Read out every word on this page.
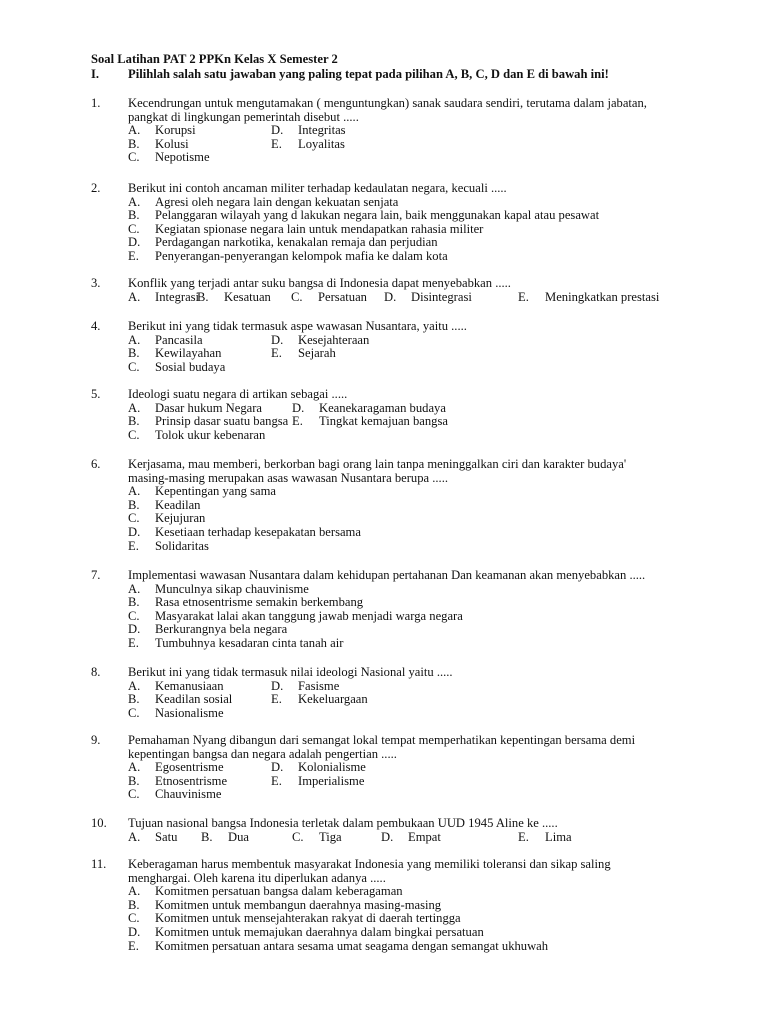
Soal Latihan PAT 2 PPKn Kelas X Semester 2
I. Pilihlah salah satu jawaban yang paling tepat pada pilihan A, B, C, D dan E di bawah ini!
1. Kecendrungan untuk mengutamakan ( menguntungkan) sanak saudara sendiri, terutama dalam jabatan,
pangkat di lingkungan pemerintah disebut .....
A. Korupsi	D. Integritas
B. Kolusi	E. Loyalitas
C. Nepotisme
2. Berikut ini contoh ancaman militer terhadap kedaulatan negara, kecuali .....
A. Agresi oleh negara lain dengan kekuatan senjata
B. Pelanggaran wilayah yang d lakukan negara lain, baik menggunakan kapal atau pesawat
C. Kegiatan spionase negara lain untuk mendapatkan rahasia militer
D. Perdagangan narkotika, kenakalan remaja dan perjudian
E. Penyerangan-penyerangan kelompok mafia ke dalam kota
3. Konflik yang terjadi antar suku bangsa di Indonesia dapat menyebabkan .....
A. Integrasi
B. Kesatuan C. Persatuan D. Disintegrasi	E. Meningkatkan prestasi
4. Berikut ini yang tidak termasuk aspe wawasan Nusantara, yaitu .....
A. Pancasila	D. Kesejahteraan
B. Kewilayahan	E. Sejarah
C. Sosial budaya
5. Ideologi suatu negara di artikan sebagai .....
A. Dasar hukum Negara D. Keanekaragaman budaya
B. Prinsip dasar suatu bangsa E. Tingkat kemajuan bangsa
C. Tolok ukur kebenaran
6. Kerjasama, mau memberi, berkorban bagi orang lain tanpa meninggalkan ciri dan karakter budaya'
masing-masing merupakan asas wawasan Nusantara berupa .....
A. Kepentingan yang sama
B. Keadilan
C. Kejujuran
D. Kesetiaan terhadap kesepakatan bersama
E. Solidaritas
7. Implementasi wawasan Nusantara dalam kehidupan pertahanan Dan keamanan akan menyebabkan .....
A. Munculnya sikap chauvinisme
B. Rasa etnosentrisme semakin berkembang
C. Masyarakat lalai akan tanggung jawab menjadi warga negara
D. Berkurangnya bela negara
E. Tumbuhnya kesadaran cinta tanah air
8. Berikut ini yang tidak termasuk nilai ideologi Nasional yaitu .....
A. Kemanusiaan	D. Fasisme
B. Keadilan sosial	E. Kekeluargaan
C. Nasionalisme
9. Pemahaman Nyang dibangun dari semangat lokal tempat memperhatikan kepentingan bersama demi
kepentingan bangsa dan negara adalah pengertian .....
A. Egosentrisme	D. Kolonialisme
B. Etnosentrisme	E. Imperialisme
C. Chauvinisme
10. Tujuan nasional bangsa Indonesia terletak dalam pembukaan UUD 1945 Aline ke .....
A. Satu B. Dua	C. Tiga	D. Empat	E. Lima
11. Keberagaman harus membentuk masyarakat Indonesia yang memiliki toleransi dan sikap saling
menghargai. Oleh karena itu diperlukan adanya .....
A. Komitmen persatuan bangsa dalam keberagaman
B. Komitmen untuk membangun daerahnya masing-masing
C. Komitmen untuk mensejahterakan rakyat di daerah tertingga
D. Komitmen untuk memajukan daerahnya dalam bingkai persatuan
E. Komitmen persatuan antara sesama umat seagama dengan semangat ukhuwah
